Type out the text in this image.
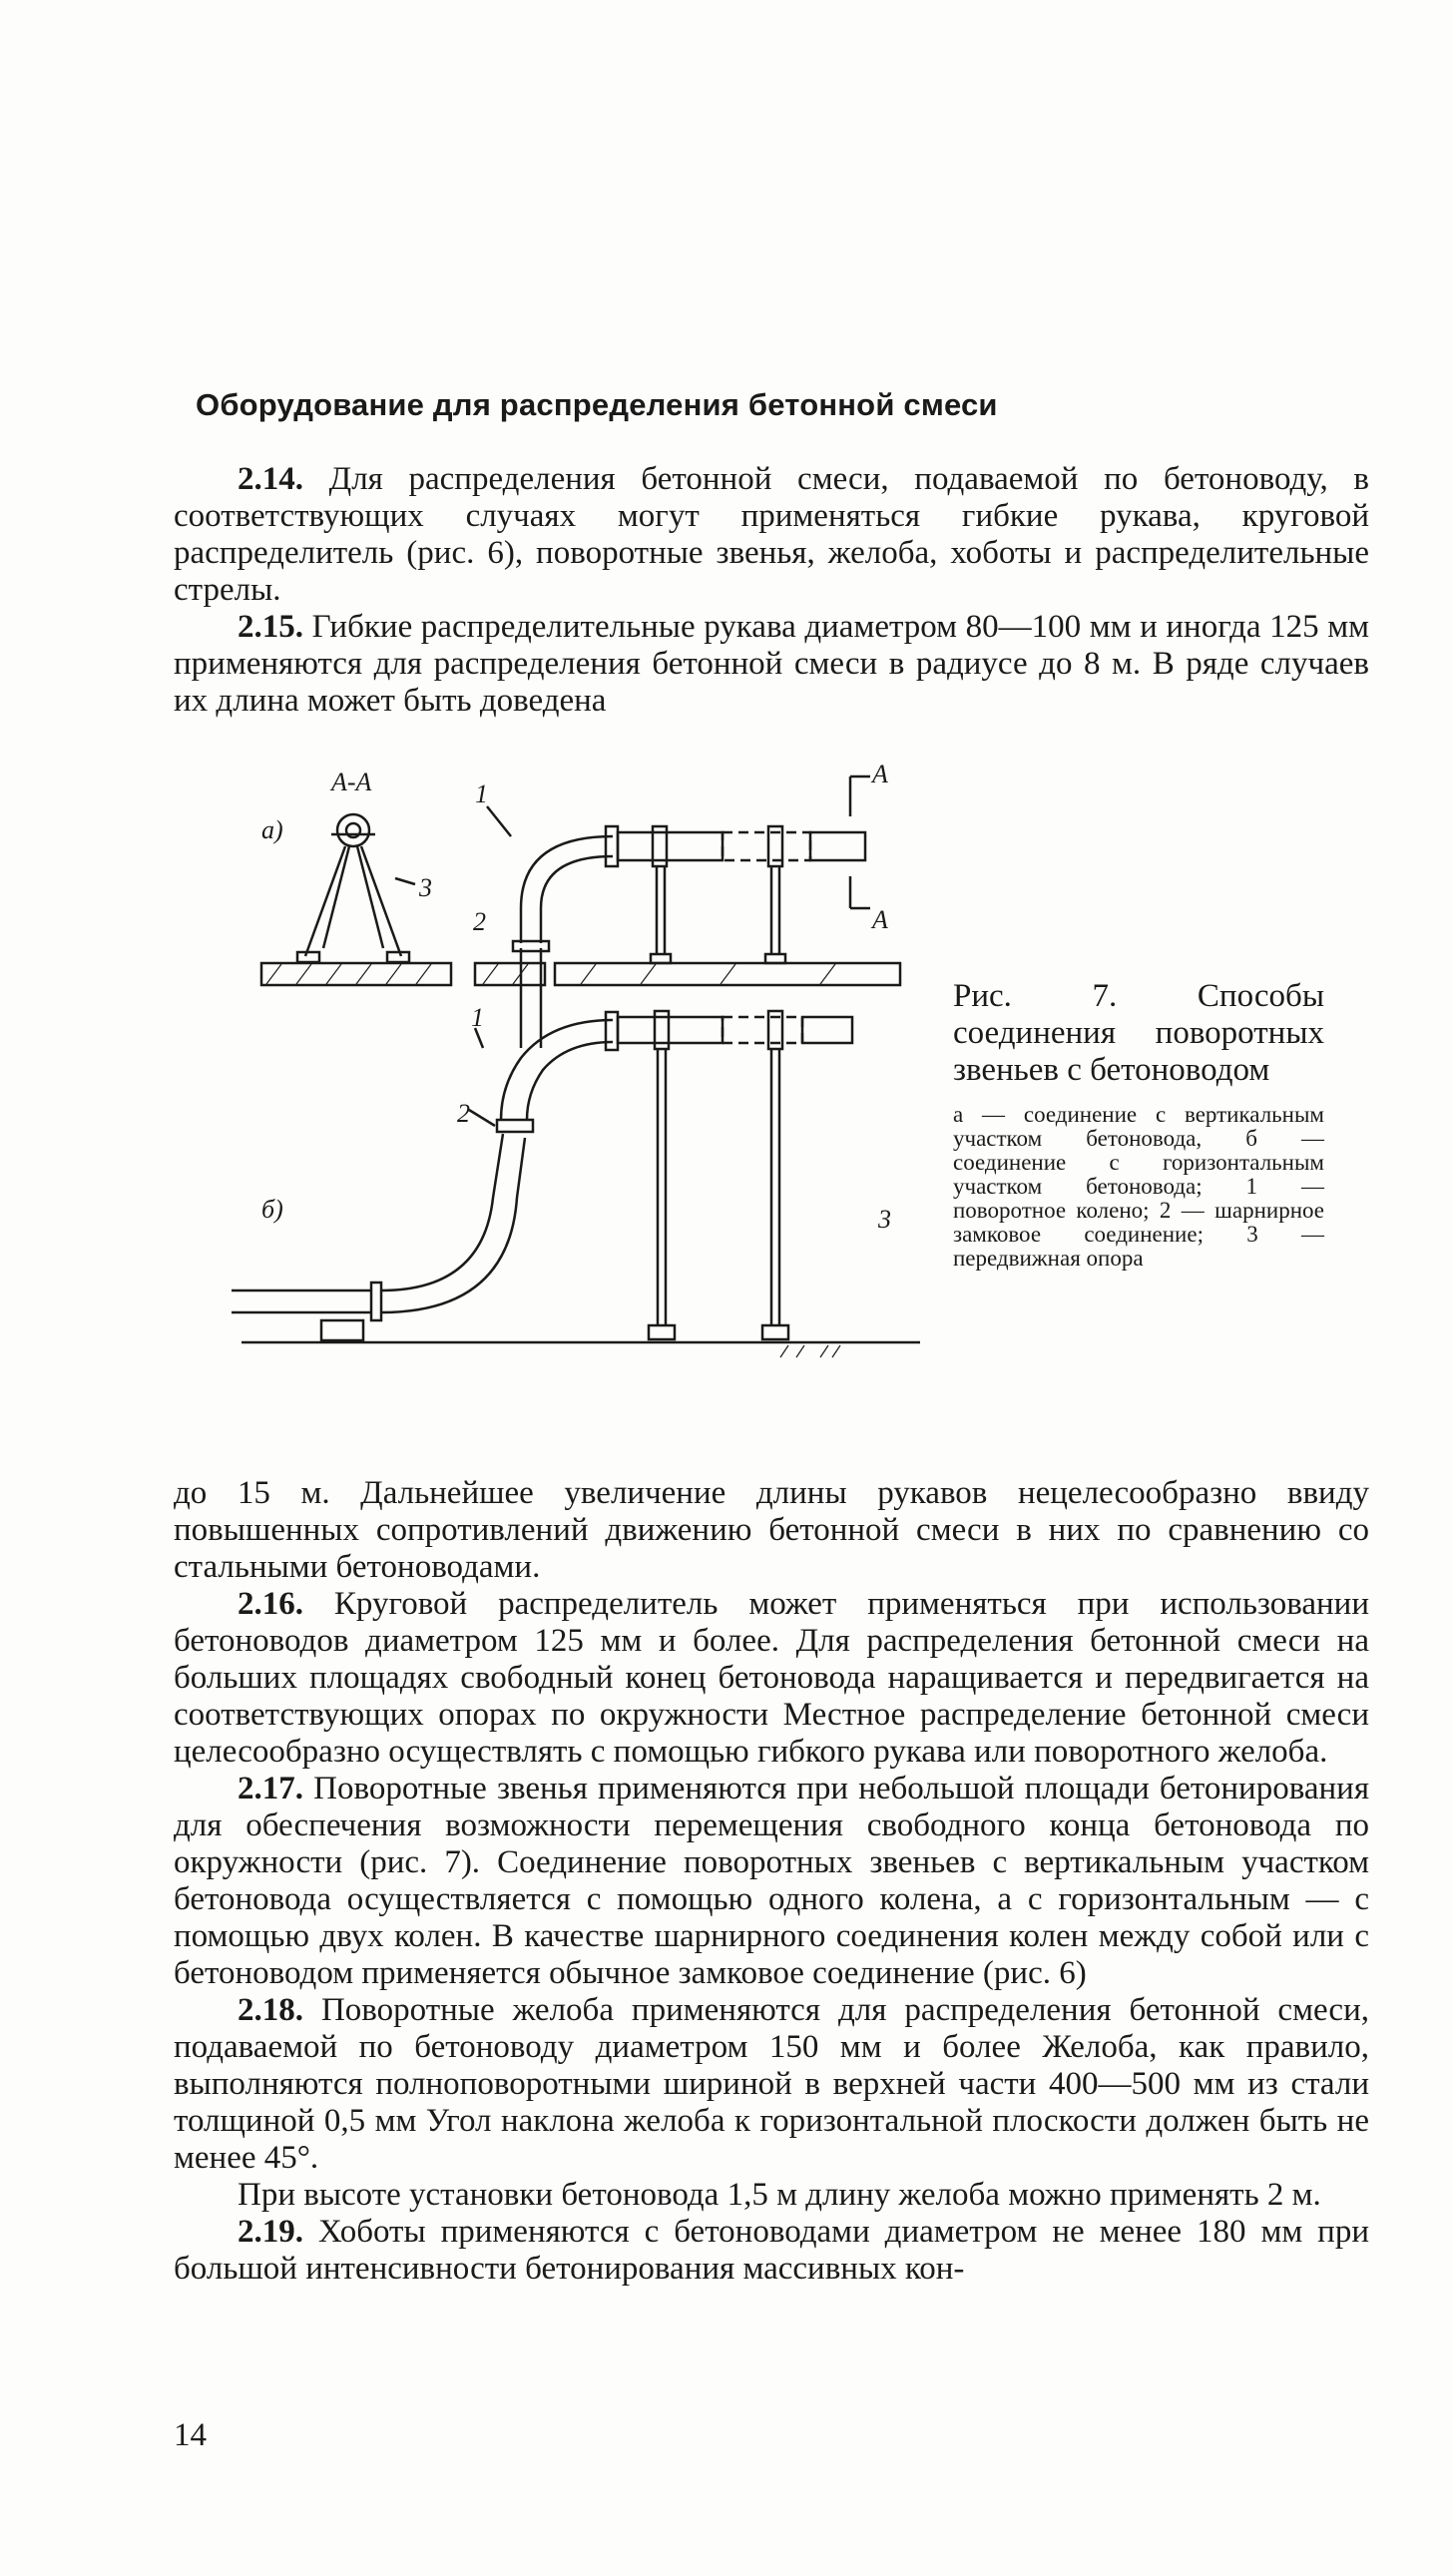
Оборудование для распределения бетонной смеси

2.14. Для распределения бетонной смеси, подаваемой по бетоноводу, в соответствующих случаях могут применяться гибкие рукава, круговой распределитель (рис. 6), поворотные звенья, желоба, хоботы и распределительные стрелы.

2.15. Гибкие распределительные рукава диаметром 80—100 мм и иногда 125 мм применяются для распределения бетонной смеси в радиусе до 8 м. В ряде случаев их длина может быть доведена

а)
А-А
3
1
2
А
А
б)
1
2
3

Рис. 7. Способы соединения поворотных звеньев с бетоноводом

а — соединение с вертикальным участком бетоновода, б — соединение с горизонтальным участком бетоновода; 1 — поворотное колено; 2 — шарнирное замковое соединение; 3 — передвижная опора

до 15 м. Дальнейшее увеличение длины рукавов нецелесообразно ввиду повышенных сопротивлений движению бетонной смеси в них по сравнению со стальными бетоноводами.

2.16. Круговой распределитель может применяться при использовании бетоноводов диаметром 125 мм и более. Для распределения бетонной смеси на больших площадях свободный конец бетоновода наращивается и передвигается на соответствующих опорах по окружности Местное распределение бетонной смеси целесообразно осуществлять с помощью гибкого рукава или поворотного желоба.

2.17. Поворотные звенья применяются при небольшой площади бетонирования для обеспечения возможности перемещения свободного конца бетоновода по окружности (рис. 7). Соединение поворотных звеньев с вертикальным участком бетоновода осуществляется с помощью одного колена, а с горизонтальным — с помощью двух колен. В качестве шарнирного соединения колен между собой или с бетоноводом применяется обычное замковое соединение (рис. 6)

2.18. Поворотные желоба применяются для распределения бетонной смеси, подаваемой по бетоноводу диаметром 150 мм и более Желоба, как правило, выполняются полноповоротными шириной в верхней части 400—500 мм из стали толщиной 0,5 мм Угол наклона желоба к горизонтальной плоскости должен быть не менее 45°.

При высоте установки бетоновода 1,5 м длину желоба можно применять 2 м.

2.19. Хоботы применяются с бетоноводами диаметром не менее 180 мм при большой интенсивности бетонирования массивных кон-

14
